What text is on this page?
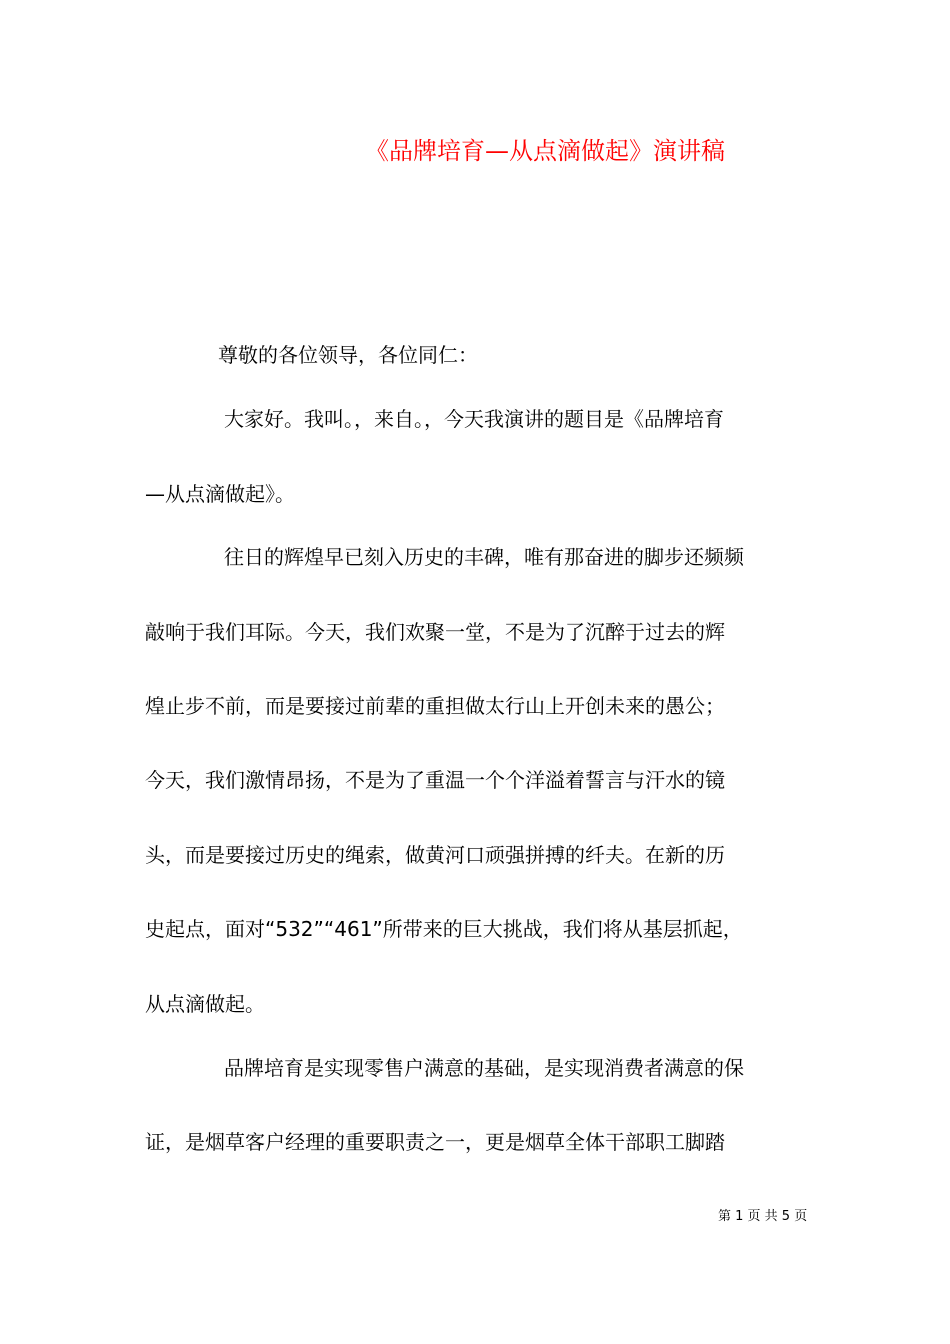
《品牌培育—从点滴做起》演讲稿
尊敬的各位领导，各位同仁：
大家好。我叫。，来自。，今天我演讲的题目是《品牌培育
—从点滴做起》。
往日的辉煌早已刻入历史的丰碑，唯有那奋进的脚步还频频
敲响于我们耳际。今天，我们欢聚一堂，不是为了沉醉于过去的辉
煌止步不前，而是要接过前辈的重担做太行山上开创未来的愚公；
今天，我们激情昂扬，不是为了重温一个个洋溢着誓言与汗水的镜
头，而是要接过历史的绳索，做黄河口顽强拼搏的纤夫。在新的历
史起点，面对“532”“461”所带来的巨大挑战，我们将从基层抓起，
从点滴做起。
品牌培育是实现零售户满意的基础，是实现消费者满意的保
证，是烟草客户经理的重要职责之一，更是烟草全体干部职工脚踏
第 1 页 共 5 页
